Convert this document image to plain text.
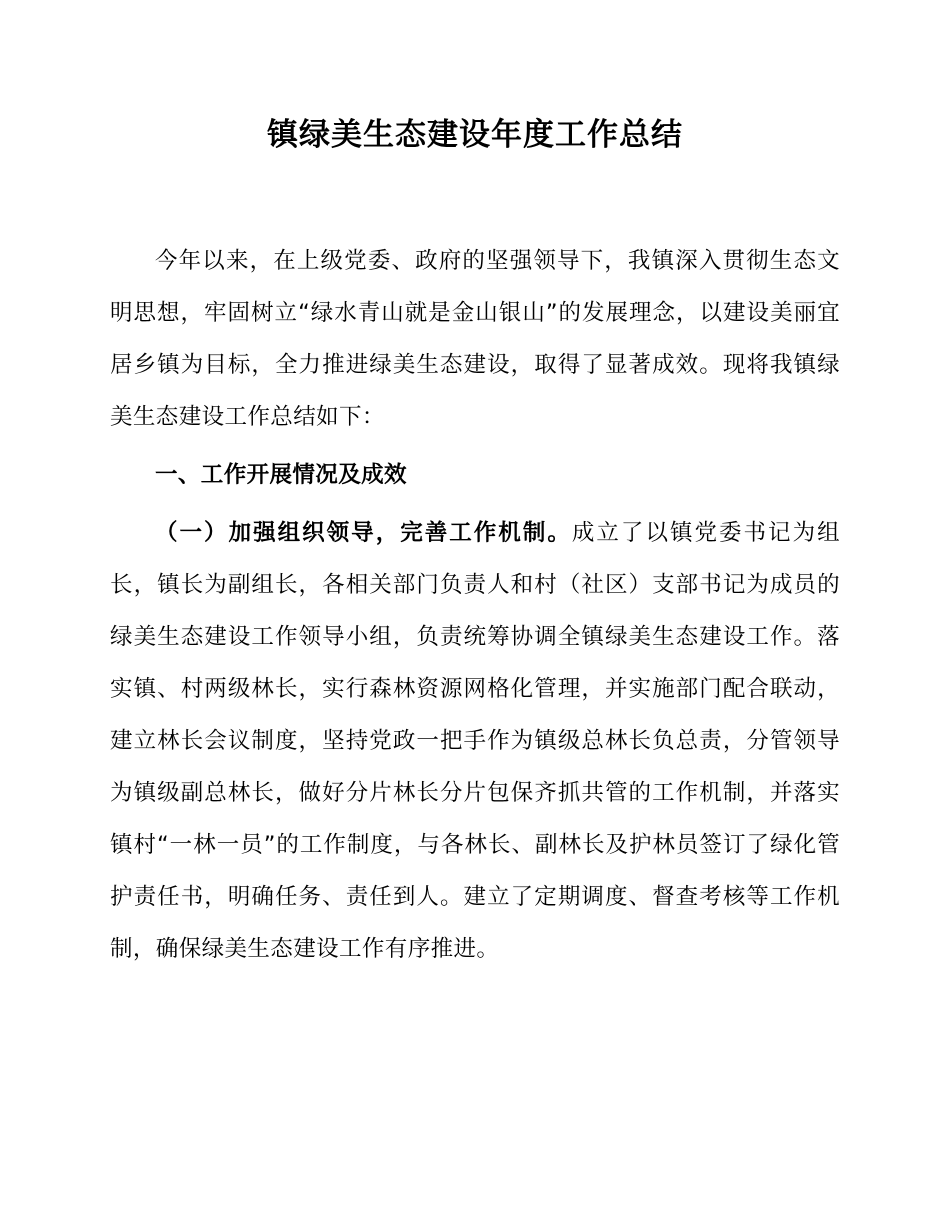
镇绿美生态建设年度工作总结

今年以来，在上级党委、政府的坚强领导下，我镇深入贯彻生态文明思想，牢固树立“绿水青山就是金山银山”的发展理念，以建设美丽宜居乡镇为目标，全力推进绿美生态建设，取得了显著成效。现将我镇绿美生态建设工作总结如下：

一、工作开展情况及成效

（一）加强组织领导，完善工作机制。成立了以镇党委书记为组长，镇长为副组长，各相关部门负责人和村（社区）支部书记为成员的绿美生态建设工作领导小组，负责统筹协调全镇绿美生态建设工作。落实镇、村两级林长，实行森林资源网格化管理，并实施部门配合联动，建立林长会议制度，坚持党政一把手作为镇级总林长负总责，分管领导为镇级副总林长，做好分片林长分片包保齐抓共管的工作机制，并落实镇村“一林一员”的工作制度，与各林长、副林长及护林员签订了绿化管护责任书，明确任务、责任到人。建立了定期调度、督查考核等工作机制，确保绿美生态建设工作有序推进。
